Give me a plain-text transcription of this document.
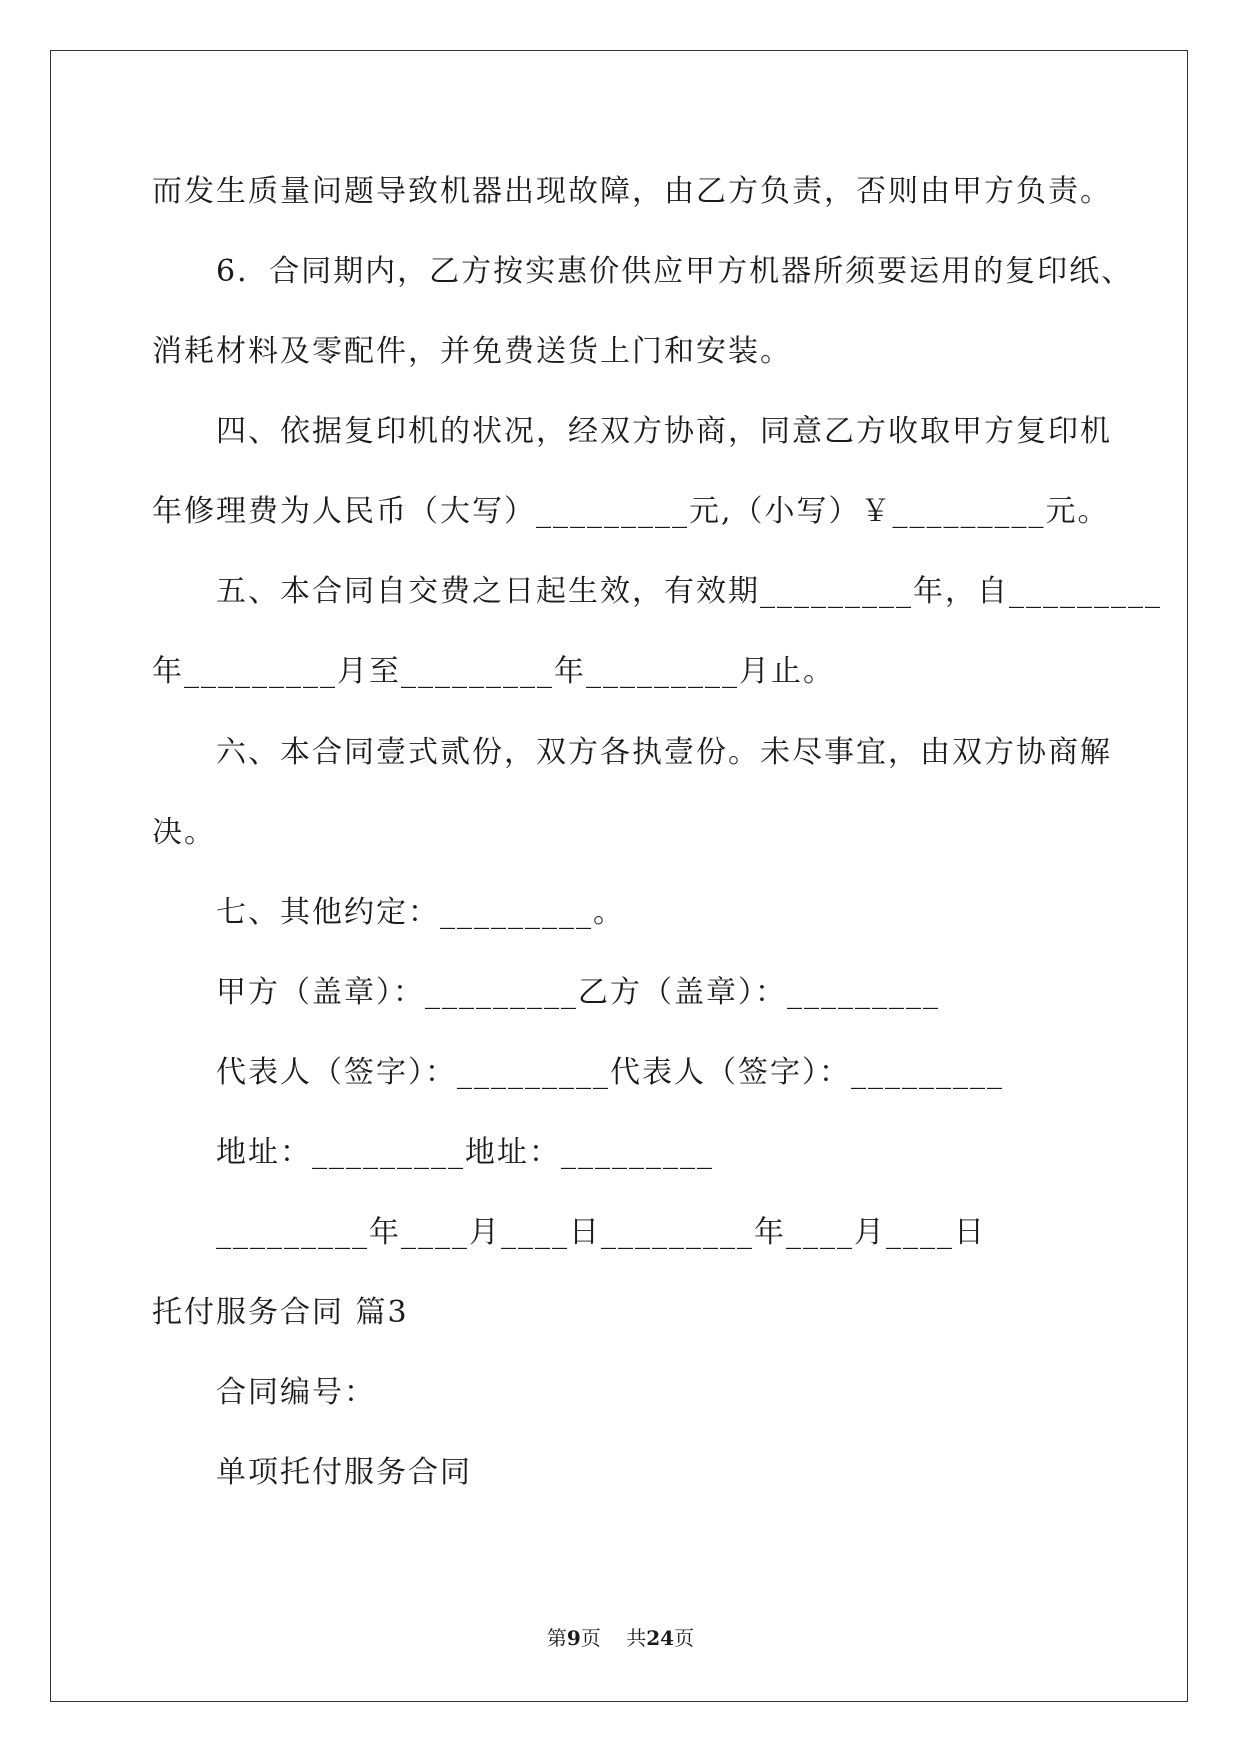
而发生质量问题导致机器出现故障，由乙方负责，否则由甲方负责。
6．合同期内，乙方按实惠价供应甲方机器所须要运用的复印纸、
消耗材料及零配件，并免费送货上门和安装。
四、依据复印机的状况，经双方协商，同意乙方收取甲方复印机
年修理费为人民币（大写）_________元,（小写）￥_________元。
五、本合同自交费之日起生效，有效期_________年，自_________
年_________月至_________年_________月止。
六、本合同壹式贰份，双方各执壹份。未尽事宜，由双方协商解
决。
七、其他约定：_________。
甲方（盖章）：_________乙方（盖章）：_________
代表人（签字）：_________代表人（签字）：_________
地址：_________地址：_________
_________年____月____日_________年____月____日
托付服务合同 篇3
合同编号：
单项托付服务合同
第9页 共24页
